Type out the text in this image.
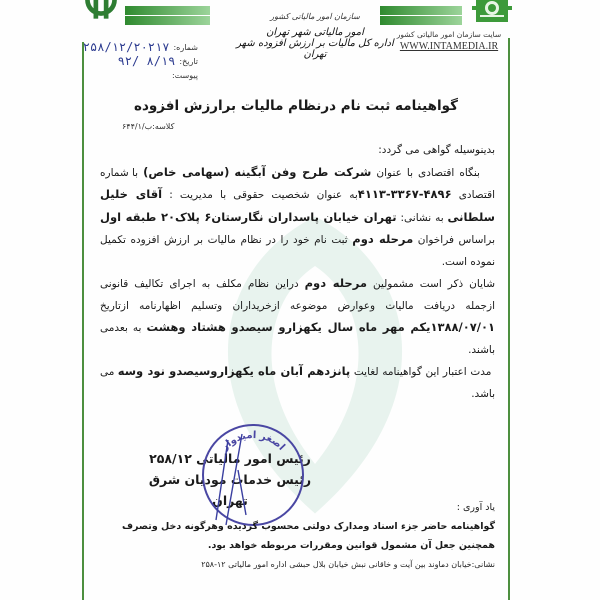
سازمان امور مالیاتی کشور
امور مالیاتی شهر تهران
اداره کل مالیات بر ارزش افزوده شهر تهران
سایت سازمان امور مالیاتی کشور
WWW.INTAMEDIA.IR
شماره:
۲۵۸/۱۲/۲۰۲۱۷
تاریخ:
۹۲/ ۸/۱۹
پیوست:
گواهینامه ثبت نام درنظام مالیات برارزش افزوده
کلاسه:ب/۶۴۴/۱

بدینوسیله گواهی می گردد:

بنگاه اقتصادی با عنوان شرکت طرح وفن آبگینه (سهامی خاص) با شماره اقتصادی ۴۸۹۶-۳۳۶۷-۴۱۱۳به عنوان شخصیت حقوقی با مدیریت : آقای خلیل سلطانی به نشانی: تهران خیابان پاسداران نگارستان۶ پلاک۲۰ طبقه اول براساس فراخوان مرحله دوم ثبت نام خود را در نظام مالیات بر ارزش افزوده تکمیل نموده است.

شایان ذکر است مشمولین مرحله دوم دراین نظام مکلف به اجرای تکالیف قانونی ازجمله دریافت مالیات وعوارض موضوعه ازخریداران وتسلیم اظهارنامه ازتاریخ ۱۳۸۸/۰۷/۰۱یکم مهر ماه سال یکهزارو سیصدو هشتاد وهشت به بعدمی باشند.

مدت اعتبار این گواهینامه لغایت پانزدهم آبان ماه یکهزاروسیصدو نود وسه می باشد.

رئیس امور مالیاتی ۲۵۸/۱۲
رئیس خدمات مودیان شرق تهران
اصغر امیدوار
یاد آوری :
گواهینامه حاضر جزء اسناد ومدارک دولتی محسوب گردیده وهرگونه دخل وتصرف همچنین جعل آن مشمول قوانین ومقررات مربوطه خواهد بود.
نشانی:خیابان دماوند بین آیت و خاقانی نبش خیابان بلال حبشی اداره امور مالیاتی ۱۲-۲۵۸
